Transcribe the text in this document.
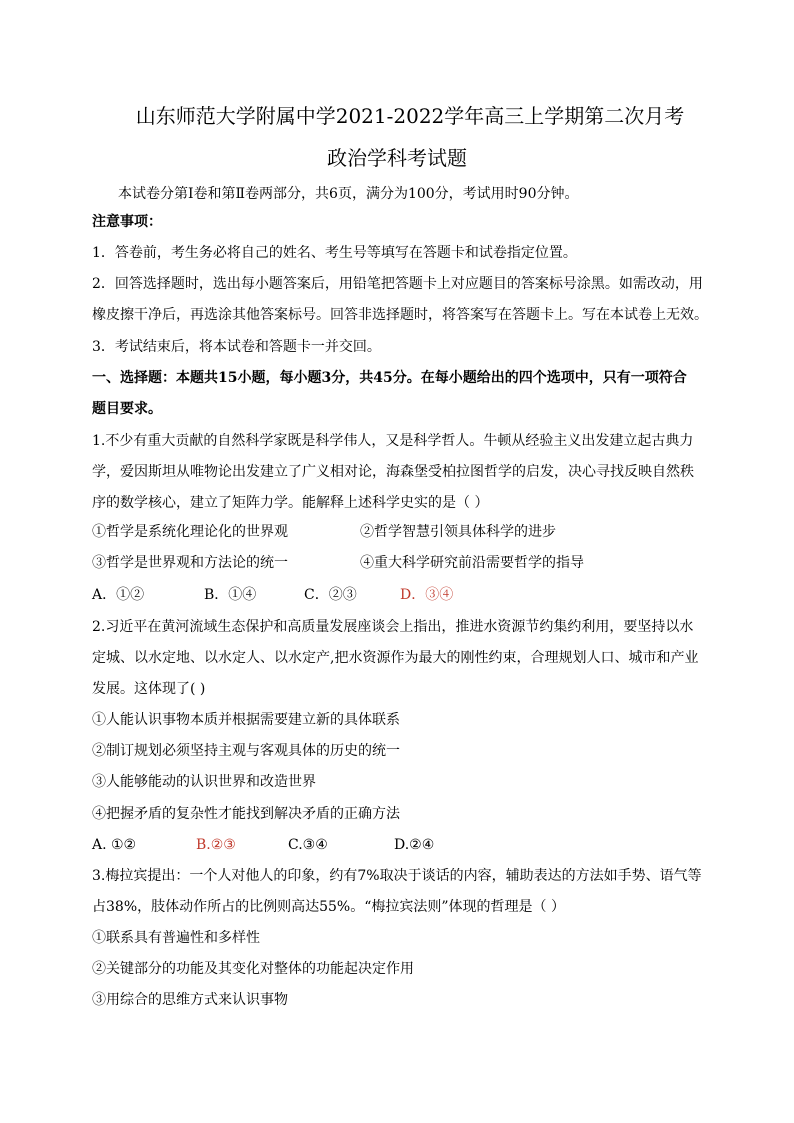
山东师范大学附属中学2021-2022学年高三上学期第二次月考
政治学科考试题
本试卷分第Ⅰ卷和第Ⅱ卷两部分，共6页，满分为100分，考试用时90分钟。
注意事项：
1．答卷前，考生务必将自己的姓名、考生号等填写在答题卡和试卷指定位置。
2．回答选择题时，选出每小题答案后，用铅笔把答题卡上对应题目的答案标号涂黑。如需改动，用
橡皮擦干净后，再选涂其他答案标号。回答非选择题时，将答案写在答题卡上。写在本试卷上无效。
3．考试结束后，将本试卷和答题卡一并交回。
一、选择题：本题共15小题，每小题3分，共45分。在每小题给出的四个选项中，只有一项符合
题目要求。
1.不少有重大贡献的自然科学家既是科学伟人，又是科学哲人。牛顿从经验主义出发建立起古典力
学，爱因斯坦从唯物论出发建立了广义相对论，海森堡受柏拉图哲学的启发，决心寻找反映自然秩
序的数学核心，建立了矩阵力学。能解释上述科学史实的是（ ）
①哲学是系统化理论化的世界观	②哲学智慧引领具体科学的进步
③哲学是世界观和方法论的统一	④重大科学研究前沿需要哲学的指导
A．①②	B．①④	C．②③	D．③④
2.习近平在黄河流域生态保护和高质量发展座谈会上指出，推进水资源节约集约利用，要坚持以水
定城、以水定地、以水定人、以水定产,把水资源作为最大的刚性约束，合理规划人口、城市和产业
发展。这体现了( )
①人能认识事物本质并根据需要建立新的具体联系
②制订规划必须坚持主观与客观具体的历史的统一
③人能够能动的认识世界和改造世界
④把握矛盾的复杂性才能找到解决矛盾的正确方法
A. ①②	B.②③	C.③④	D.②④
3.梅拉宾提出：一个人对他人的印象，约有7%取决于谈话的内容，辅助表达的方法如手势、语气等
占38%，肢体动作所占的比例则高达55%。“梅拉宾法则”体现的哲理是（ ）
①联系具有普遍性和多样性
②关键部分的功能及其变化对整体的功能起决定作用
③用综合的思维方式来认识事物
